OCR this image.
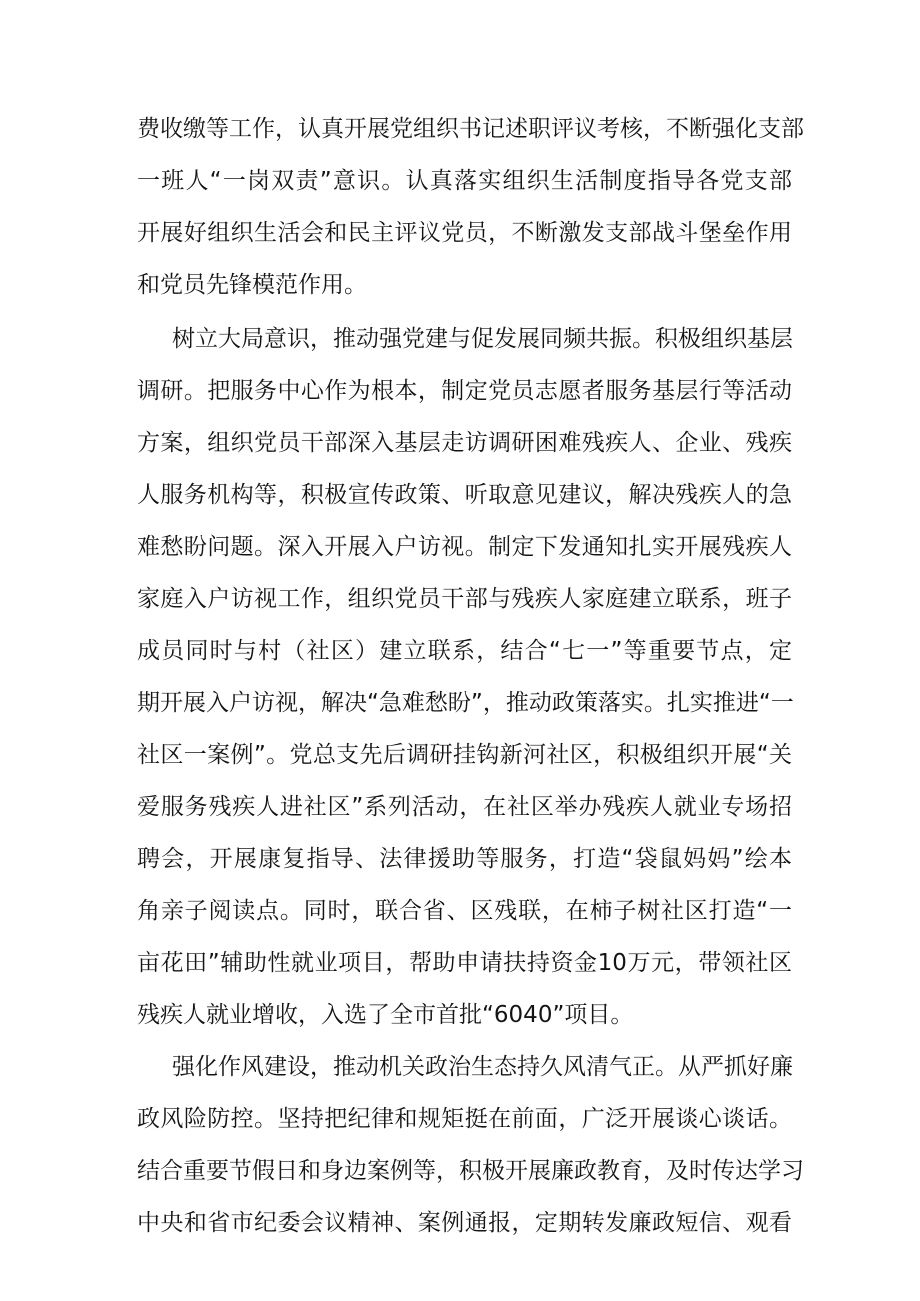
费收缴等工作，认真开展党组织书记述职评议考核，不断强化支部
一班人“一岗双责”意识。认真落实组织生活制度指导各党支部
开展好组织生活会和民主评议党员，不断激发支部战斗堡垒作用
和党员先锋模范作用。
树立大局意识，推动强党建与促发展同频共振。积极组织基层
调研。把服务中心作为根本，制定党员志愿者服务基层行等活动
方案，组织党员干部深入基层走访调研困难残疾人、企业、残疾
人服务机构等，积极宣传政策、听取意见建议，解决残疾人的急
难愁盼问题。深入开展入户访视。制定下发通知扎实开展残疾人
家庭入户访视工作，组织党员干部与残疾人家庭建立联系，班子
成员同时与村（社区）建立联系，结合“七一”等重要节点，定
期开展入户访视，解决“急难愁盼”，推动政策落实。扎实推进“一
社区一案例”。党总支先后调研挂钩新河社区，积极组织开展“关
爱服务残疾人进社区”系列活动，在社区举办残疾人就业专场招
聘会，开展康复指导、法律援助等服务，打造“袋鼠妈妈”绘本
角亲子阅读点。同时，联合省、区残联，在柿子树社区打造“一
亩花田”辅助性就业项目，帮助申请扶持资金10万元，带领社区
残疾人就业增收，入选了全市首批“6040”项目。
强化作风建设，推动机关政治生态持久风清气正。从严抓好廉
政风险防控。坚持把纪律和规矩挺在前面，广泛开展谈心谈话。
结合重要节假日和身边案例等，积极开展廉政教育，及时传达学习
中央和省市纪委会议精神、案例通报，定期转发廉政短信、观看
